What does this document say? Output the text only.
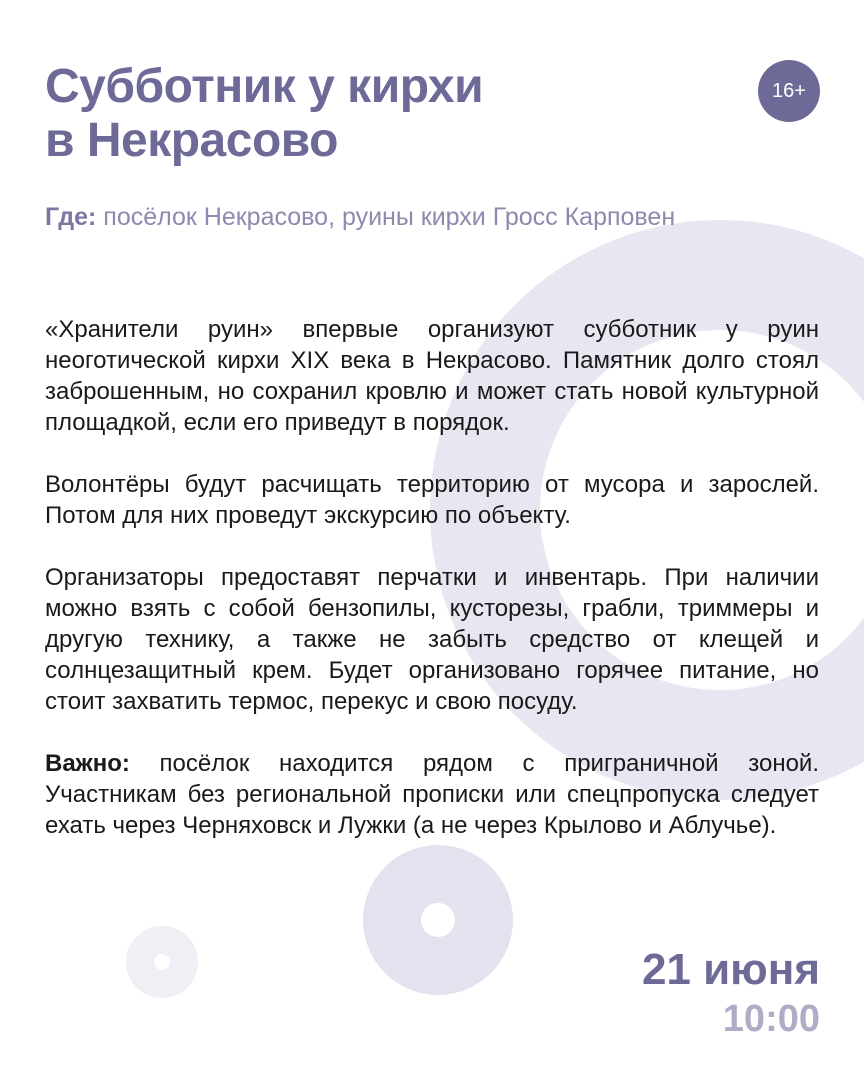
Субботник у кирхи
в Некрасово
16+
Где: посёлок Некрасово, руины кирхи Гросс Карповен

«Хранители руин» впервые организуют субботник у руин неоготической кирхи XIX века в Некрасово. Памятник долго стоял заброшенным, но сохранил кровлю и может стать новой культурной площадкой, если его приведут в порядок.

Волонтёры будут расчищать территорию от мусора и зарослей. Потом для них проведут экскурсию по объекту.

Организаторы предоставят перчатки и инвентарь. При наличии можно взять с собой бензопилы, кусторезы, грабли, триммеры и другую технику, а также не забыть средство от клещей и солнцезащитный крем. Будет организовано горячее питание, но стоит захватить термос, перекус и свою посуду.

Важно: посёлок находится рядом с приграничной зоной. Участникам без региональной прописки или спецпропуска следует ехать через Черняховск и Лужки (а не через Крылово и Аблучье).

21 июня
10:00
